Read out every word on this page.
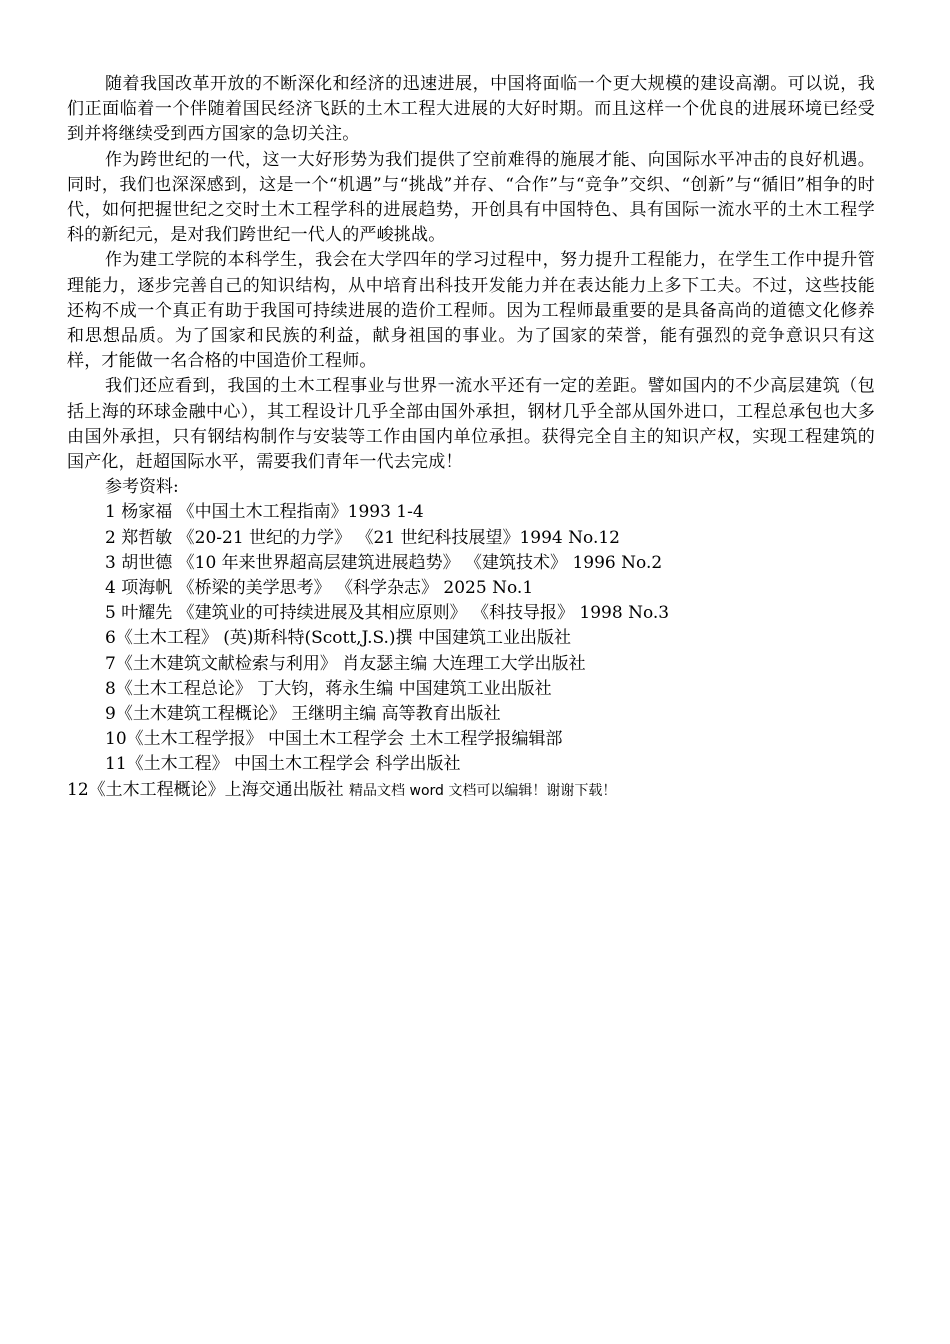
随着我国改革开放的不断深化和经济的迅速进展，中国将面临一个更大规模的建设高潮。可以说，我们正面临着一个伴随着国民经济飞跃的土木工程大进展的大好时期。而且这样一个优良的进展环境已经受到并将继续受到西方国家的急切关注。

作为跨世纪的一代，这一大好形势为我们提供了空前难得的施展才能、向国际水平冲击的良好机遇。同时，我们也深深感到，这是一个“机遇”与“挑战”并存、“合作”与“竞争”交织、“创新”与“循旧”相争的时代，如何把握世纪之交时土木工程学科的进展趋势，开创具有中国特色、具有国际一流水平的土木工程学科的新纪元，是对我们跨世纪一代人的严峻挑战。

作为建工学院的本科学生，我会在大学四年的学习过程中，努力提升工程能力，在学生工作中提升管理能力，逐步完善自己的知识结构，从中培育出科技开发能力并在表达能力上多下工夫。不过，这些技能还构不成一个真正有助于我国可持续进展的造价工程师。因为工程师最重要的是具备高尚的道德文化修养和思想品质。为了国家和民族的利益，献身祖国的事业。为了国家的荣誉，能有强烈的竞争意识只有这样，才能做一名合格的中国造价工程师。

我们还应看到，我国的土木工程事业与世界一流水平还有一定的差距。譬如国内的不少高层建筑（包括上海的环球金融中心），其工程设计几乎全部由国外承担，钢材几乎全部从国外进口，工程总承包也大多由国外承担，只有钢结构制作与安装等工作由国内单位承担。获得完全自主的知识产权，实现工程建筑的国产化，赶超国际水平，需要我们青年一代去完成！

参考资料:

1 杨家福 《中国土木工程指南》1993 1-4
2 郑哲敏 《20-21 世纪的力学》 《21 世纪科技展望》1994 No.12
3 胡世德 《10 年来世界超高层建筑进展趋势》 《建筑技术》 1996 No.2
4 项海帆 《桥梁的美学思考》 《科学杂志》 2025 No.1
5 叶耀先 《建筑业的可持续进展及其相应原则》 《科技导报》 1998 No.3
6《土木工程》 (英)斯科特(Scott,J.S.)撰 中国建筑工业出版社
7《土木建筑文献检索与利用》 肖友瑟主编 大连理工大学出版社
8《土木工程总论》 丁大钧，蒋永生编 中国建筑工业出版社
9《土木建筑工程概论》 王继明主编 高等教育出版社
10《土木工程学报》 中国土木工程学会 土木工程学报编辑部
11《土木工程》 中国土木工程学会 科学出版社
12《土木工程概论》上海交通出版社 精品文档 word 文档可以编辑！谢谢下载！
